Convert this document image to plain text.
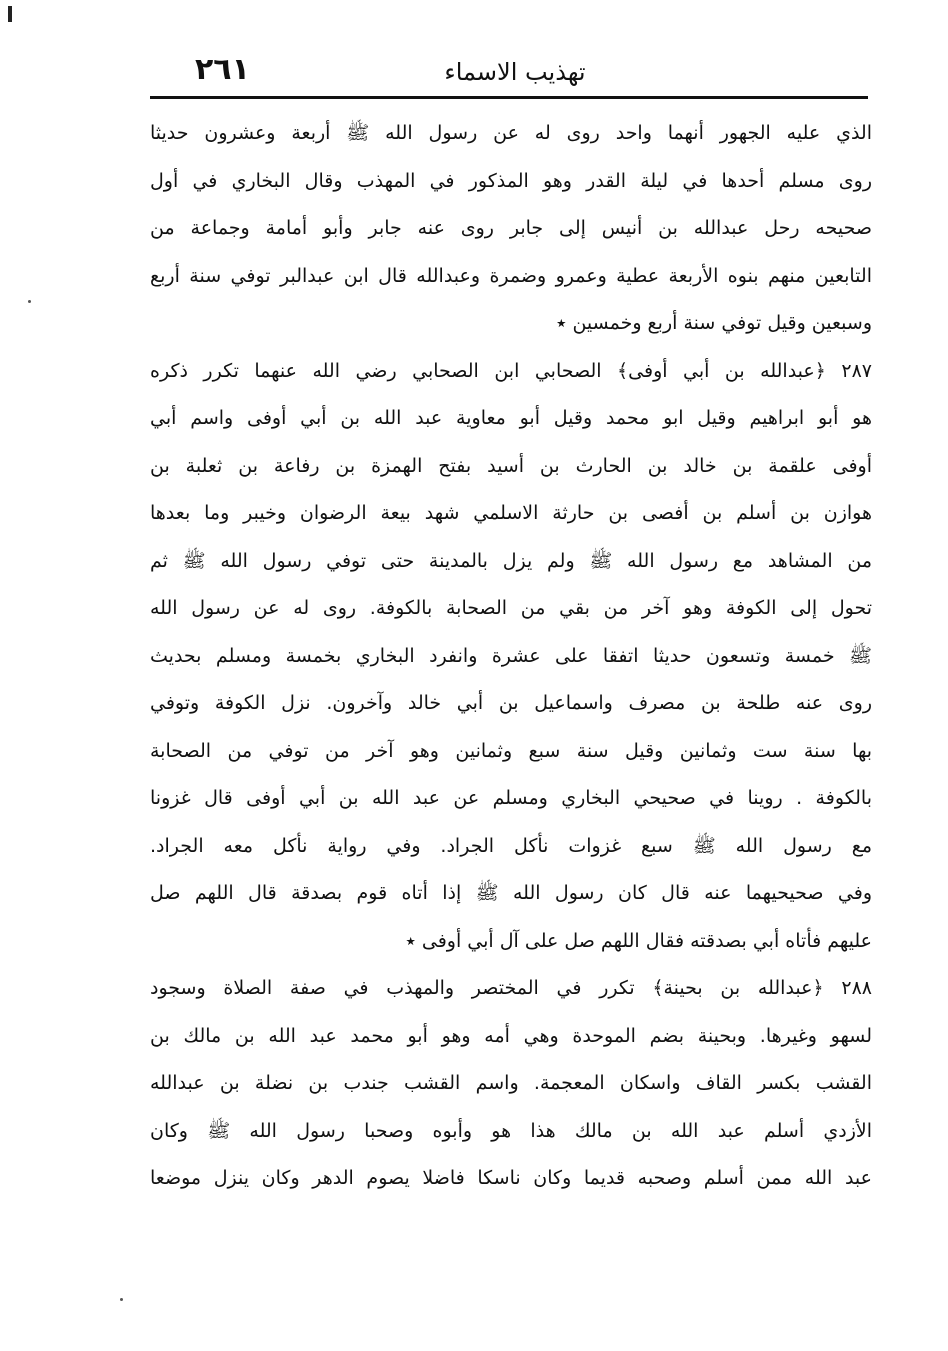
٢٦١	تهذيب الاسماء
الذي عليه الجهور أنهما واحد روى له عن رسول الله ﷺ أربعة وعشرون حديثا
روى مسلم أحدها في ليلة القدر وهو المذكور في المهذب وقال البخاري في أول
صحيحه رحل عبدالله بن أنيس إلى جابر روى عنه جابر وأبو أمامة وجماعة من
التابعين منهم بنوه الأربعة عطية وعمرو وضمرة وعبدالله قال ابن عبدالبر توفي سنة أربع
وسبعين وقيل توفي سنة أربع وخمسين ٭
٢٨٧ ﴿عبدالله بن أبي أوفى﴾ الصحابي ابن الصحابي رضي الله عنهما تكرر ذكره
هو أبو ابراهيم وقيل ابو محمد وقيل أبو معاوية عبد الله بن أبي أوفى واسم أبي
أوفى علقمة بن خالد بن الحارث بن أسيد بفتح الهمزة بن رفاعة بن ثعلبة بن
هوازن بن أسلم بن أفصى بن حارثة الاسلمي شهد بيعة الرضوان وخيبر وما بعدها
من المشاهد مع رسول الله ﷺ ولم يزل بالمدينة حتى توفي رسول الله ﷺ ثم
تحول إلى الكوفة وهو آخر من بقي من الصحابة بالكوفة. روى له عن رسول الله
ﷺ خمسة وتسعون حديثا اتفقا على عشرة وانفرد البخاري بخمسة ومسلم بحديث
روى عنه طلحة بن مصرف واسماعيل بن أبي خالد وآخرون. نزل الكوفة وتوفي
بها سنة ست وثمانين وقيل سنة سبع وثمانين وهو آخر من توفي من الصحابة
بالكوفة . روينا في صحيحي البخاري ومسلم عن عبد الله بن أبي أوفى قال غزونا
مع رسول الله ﷺ سبع غزوات نأكل الجراد. وفي رواية نأكل معه الجراد.
وفي صحيحيهما عنه قال كان رسول الله ﷺ إذا أتاه قوم بصدقة قال اللهم صل
عليهم فأتاه أبي بصدقته فقال اللهم صل على آل أبي أوفى ٭
٢٨٨ ﴿عبدالله بن بحينة﴾ تكرر في المختصر والمهذب في صفة الصلاة وسجود
لسهو وغيرها. وبحينة بضم الموحدة وهي أمه وهو أبو محمد عبد الله بن مالك بن
القشب بكسر القاف واسكان المعجمة. واسم القشب جندب بن نضلة بن عبدالله
الأزدي أسلم عبد الله بن مالك هذا هو وأبوه وصحبا رسول الله ﷺ وكان
عبد الله ممن أسلم وصحبه قديما وكان ناسكا فاضلا يصوم الدهر وكان ينزل موضعا
